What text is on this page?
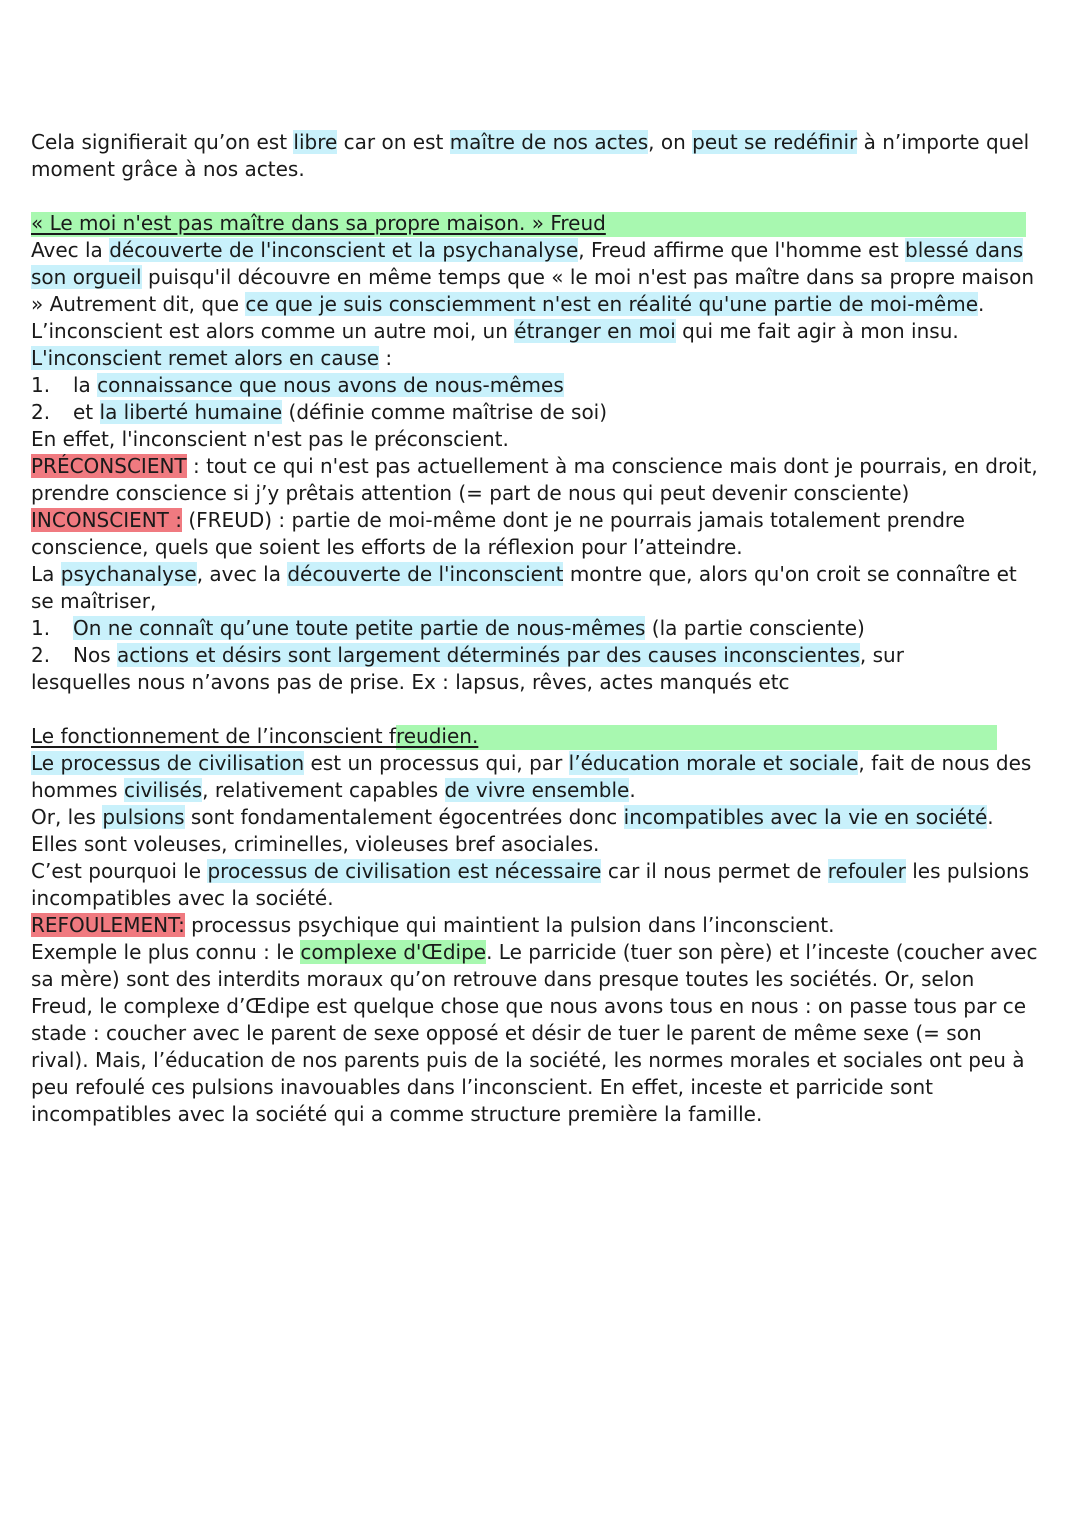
Cela signifierait qu’on est libre car on est maître de nos actes, on peut se redéfinir à n’importe quel moment grâce à nos actes.

« Le moi n'est pas maître dans sa propre maison. » Freud

Avec la découverte de l'inconscient et la psychanalyse, Freud affirme que l'homme est blessé dans son orgueil puisqu'il découvre en même temps que « le moi n'est pas maître dans sa propre maison » Autrement dit, que ce que je suis consciemment n'est en réalité qu'une partie de moi-même. L’inconscient est alors comme un autre moi, un étranger en moi qui me fait agir à mon insu. L'inconscient remet alors en cause :

1.	la connaissance que nous avons de nous-mêmes
2.	et la liberté humaine (définie comme maîtrise de soi)

En effet, l'inconscient n'est pas le préconscient.

PRÉCONSCIENT : tout ce qui n'est pas actuellement à ma conscience mais dont je pourrais, en droit, prendre conscience si j’y prêtais attention (= part de nous qui peut devenir consciente)

INCONSCIENT : (FREUD) : partie de moi-même dont je ne pourrais jamais totalement prendre conscience, quels que soient les efforts de la réflexion pour l’atteindre.

La psychanalyse, avec la découverte de l'inconscient montre que, alors qu'on croit se connaître et se maîtriser,

1.	On ne connaît qu’une toute petite partie de nous-mêmes (la partie consciente)
2.	Nos actions et désirs sont largement déterminés par des causes inconscientes, sur

lesquelles nous n’avons pas de prise. Ex : lapsus, rêves, actes manqués etc

Le fonctionnement de l’inconscient freudien.

Le processus de civilisation est un processus qui, par l’éducation morale et sociale, fait de nous des hommes civilisés, relativement capables de vivre ensemble.

Or, les pulsions sont fondamentalement égocentrées donc incompatibles avec la vie en société. Elles sont voleuses, criminelles, violeuses bref asociales.

C’est pourquoi le processus de civilisation est nécessaire car il nous permet de refouler les pulsions incompatibles avec la société.

REFOULEMENT: processus psychique qui maintient la pulsion dans l’inconscient.

Exemple le plus connu : le complexe d'Œdipe. Le parricide (tuer son père) et l’inceste (coucher avec sa mère) sont des interdits moraux qu’on retrouve dans presque toutes les sociétés. Or, selon Freud, le complexe d’Œdipe est quelque chose que nous avons tous en nous : on passe tous par ce stade : coucher avec le parent de sexe opposé et désir de tuer le parent de même sexe (= son rival). Mais, l’éducation de nos parents puis de la société, les normes morales et sociales ont peu à peu refoulé ces pulsions inavouables dans l’inconscient. En effet, inceste et parricide sont incompatibles avec la société qui a comme structure première la famille.
